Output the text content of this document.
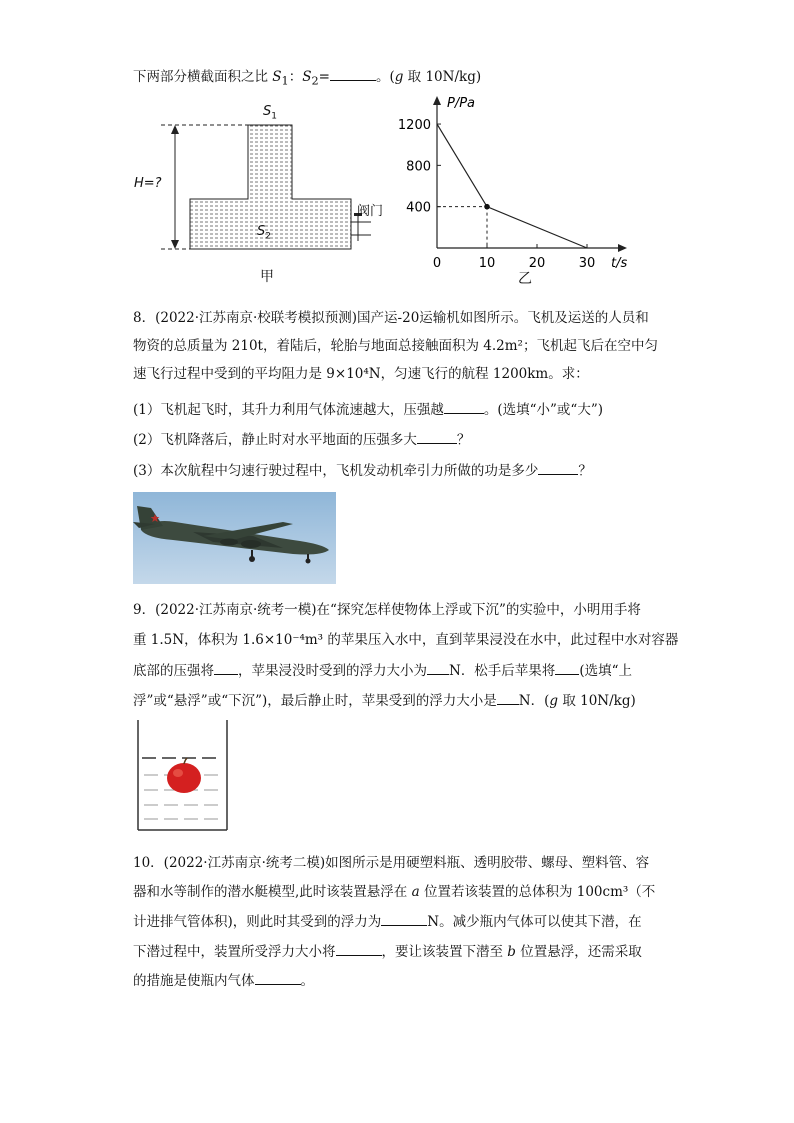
下两部分横截面积之比 $S_1$：$S_2=$	。(g 取 10N/kg)
$S_1$
$S_2$
H=?
阀门
甲
P/Pa
t/s
0	10	20	30
400
800
1200
乙
8．(2022·江苏南京·校联考模拟预测)国产运-20运输机如图所示。飞机及运送的人员和
物资的总质量为 210t，着陆后，轮胎与地面总接触面积为 4.2m²；飞机起飞后在空中匀
速飞行过程中受到的平均阻力是 9×10⁴N，匀速飞行的航程 1200km。求：
(1）飞机起飞时，其升力利用气体流速越大，压强越	。(选填“小”或“大”)
(2）飞机降落后，静止时对水平地面的压强多大	？
(3）本次航程中匀速行驶过程中，飞机发动机牵引力所做的功是多少	？
9．(2022·江苏南京·统考一模)在“探究怎样使物体上浮或下沉”的实验中，小明用手将
重 1.5N，体积为 1.6×10⁻⁴m³ 的苹果压入水中，直到苹果浸没在水中，此过程中水对容器
底部的压强将 ，苹果浸没时受到的浮力大小为 N．松手后苹果将 (选填“上
浮”或“悬浮”或“下沉”)，最后静止时，苹果受到的浮力大小是 N．(g 取 10N/kg)
10．(2022·江苏南京·统考二模)如图所示是用硬塑料瓶、透明胶带、螺母、塑料管、容
器和水等制作的潜水艇模型,此时该装置悬浮在 a 位置若该装置的总体积为 100cm³（不
计进排气管体积)，则此时其受到的浮力为	N。减少瓶内气体可以使其下潜，在
下潜过程中，装置所受浮力大小将	，要让该装置下潜至 b 位置悬浮，还需采取
的措施是使瓶内气体	。
